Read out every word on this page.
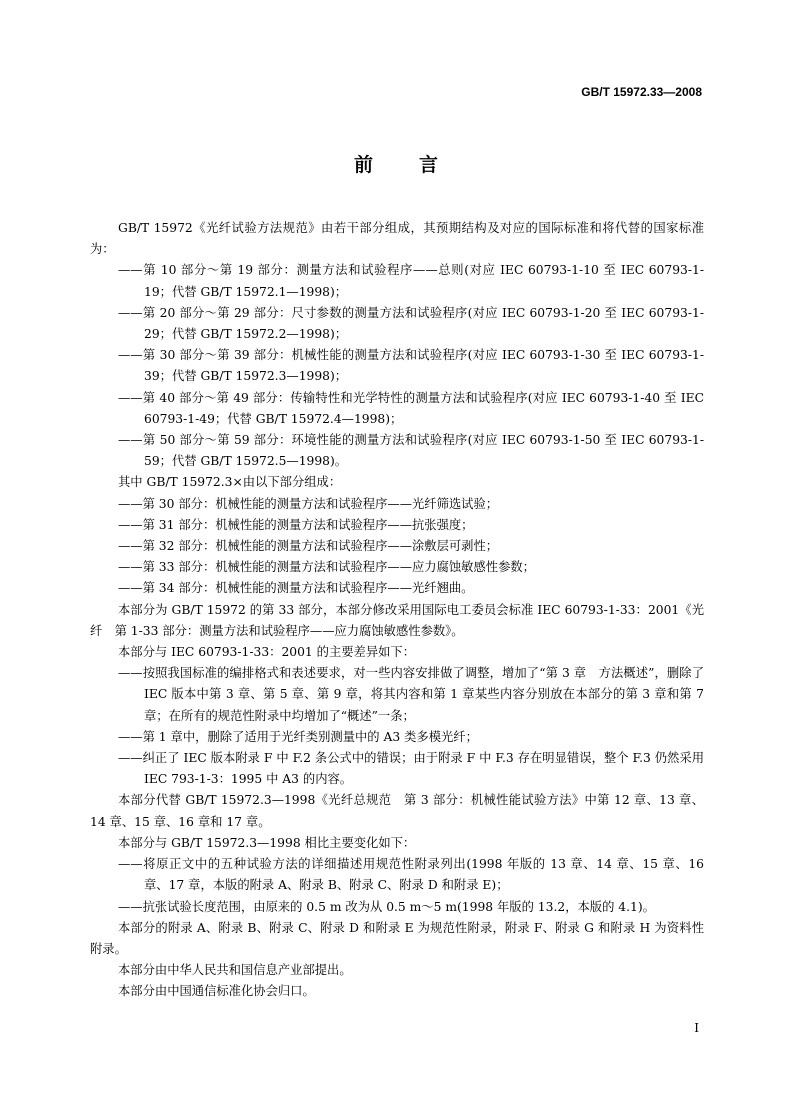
GB/T 15972.33—2008
前言

GB/T 15972《光纤试验方法规范》由若干部分组成，其预期结构及对应的国际标准和将代替的国家标准为：

——第 10 部分～第 19 部分：测量方法和试验程序——总则(对应 IEC 60793-1-10 至 IEC 60793-1-19；代替 GB/T 15972.1—1998)；

——第 20 部分～第 29 部分：尺寸参数的测量方法和试验程序(对应 IEC 60793-1-20 至 IEC 60793-1-29；代替 GB/T 15972.2—1998)；

——第 30 部分～第 39 部分：机械性能的测量方法和试验程序(对应 IEC 60793-1-30 至 IEC 60793-1-39；代替 GB/T 15972.3—1998)；

——第 40 部分～第 49 部分：传输特性和光学特性的测量方法和试验程序(对应 IEC 60793-1-40 至 IEC 60793-1-49；代替 GB/T 15972.4—1998)；

——第 50 部分～第 59 部分：环境性能的测量方法和试验程序(对应 IEC 60793-1-50 至 IEC 60793-1-59；代替 GB/T 15972.5—1998)。

其中 GB/T 15972.3×由以下部分组成：

——第 30 部分：机械性能的测量方法和试验程序——光纤筛选试验；

——第 31 部分：机械性能的测量方法和试验程序——抗张强度；

——第 32 部分：机械性能的测量方法和试验程序——涂敷层可剥性；

——第 33 部分：机械性能的测量方法和试验程序——应力腐蚀敏感性参数；

——第 34 部分：机械性能的测量方法和试验程序——光纤翘曲。

本部分为 GB/T 15972 的第 33 部分，本部分修改采用国际电工委员会标准 IEC 60793-1-33：2001《光纤　第 1-33 部分：测量方法和试验程序——应力腐蚀敏感性参数》。

本部分与 IEC 60793-1-33：2001 的主要差异如下：

——按照我国标准的编排格式和表述要求，对一些内容安排做了调整，增加了“第 3 章　方法概述”，删除了 IEC 版本中第 3 章、第 5 章、第 9 章，将其内容和第 1 章某些内容分别放在本部分的第 3 章和第 7 章；在所有的规范性附录中均增加了“概述”一条；

——第 1 章中，删除了适用于光纤类别测量中的 A3 类多模光纤；

——纠正了 IEC 版本附录 F 中 F.2 条公式中的错误；由于附录 F 中 F.3 存在明显错误，整个 F.3 仍然采用 IEC 793-1-3：1995 中 A3 的内容。

本部分代替 GB/T 15972.3—1998《光纤总规范　第 3 部分：机械性能试验方法》中第 12 章、13 章、14 章、15 章、16 章和 17 章。

本部分与 GB/T 15972.3—1998 相比主要变化如下：

——将原正文中的五种试验方法的详细描述用规范性附录列出(1998 年版的 13 章、14 章、15 章、16 章、17 章，本版的附录 A、附录 B、附录 C、附录 D 和附录 E)；

——抗张试验长度范围，由原来的 0.5 m 改为从 0.5 m～5 m(1998 年版的 13.2，本版的 4.1)。

本部分的附录 A、附录 B、附录 C、附录 D 和附录 E 为规范性附录，附录 F、附录 G 和附录 H 为资料性附录。

本部分由中华人民共和国信息产业部提出。

本部分由中国通信标准化协会归口。

I
